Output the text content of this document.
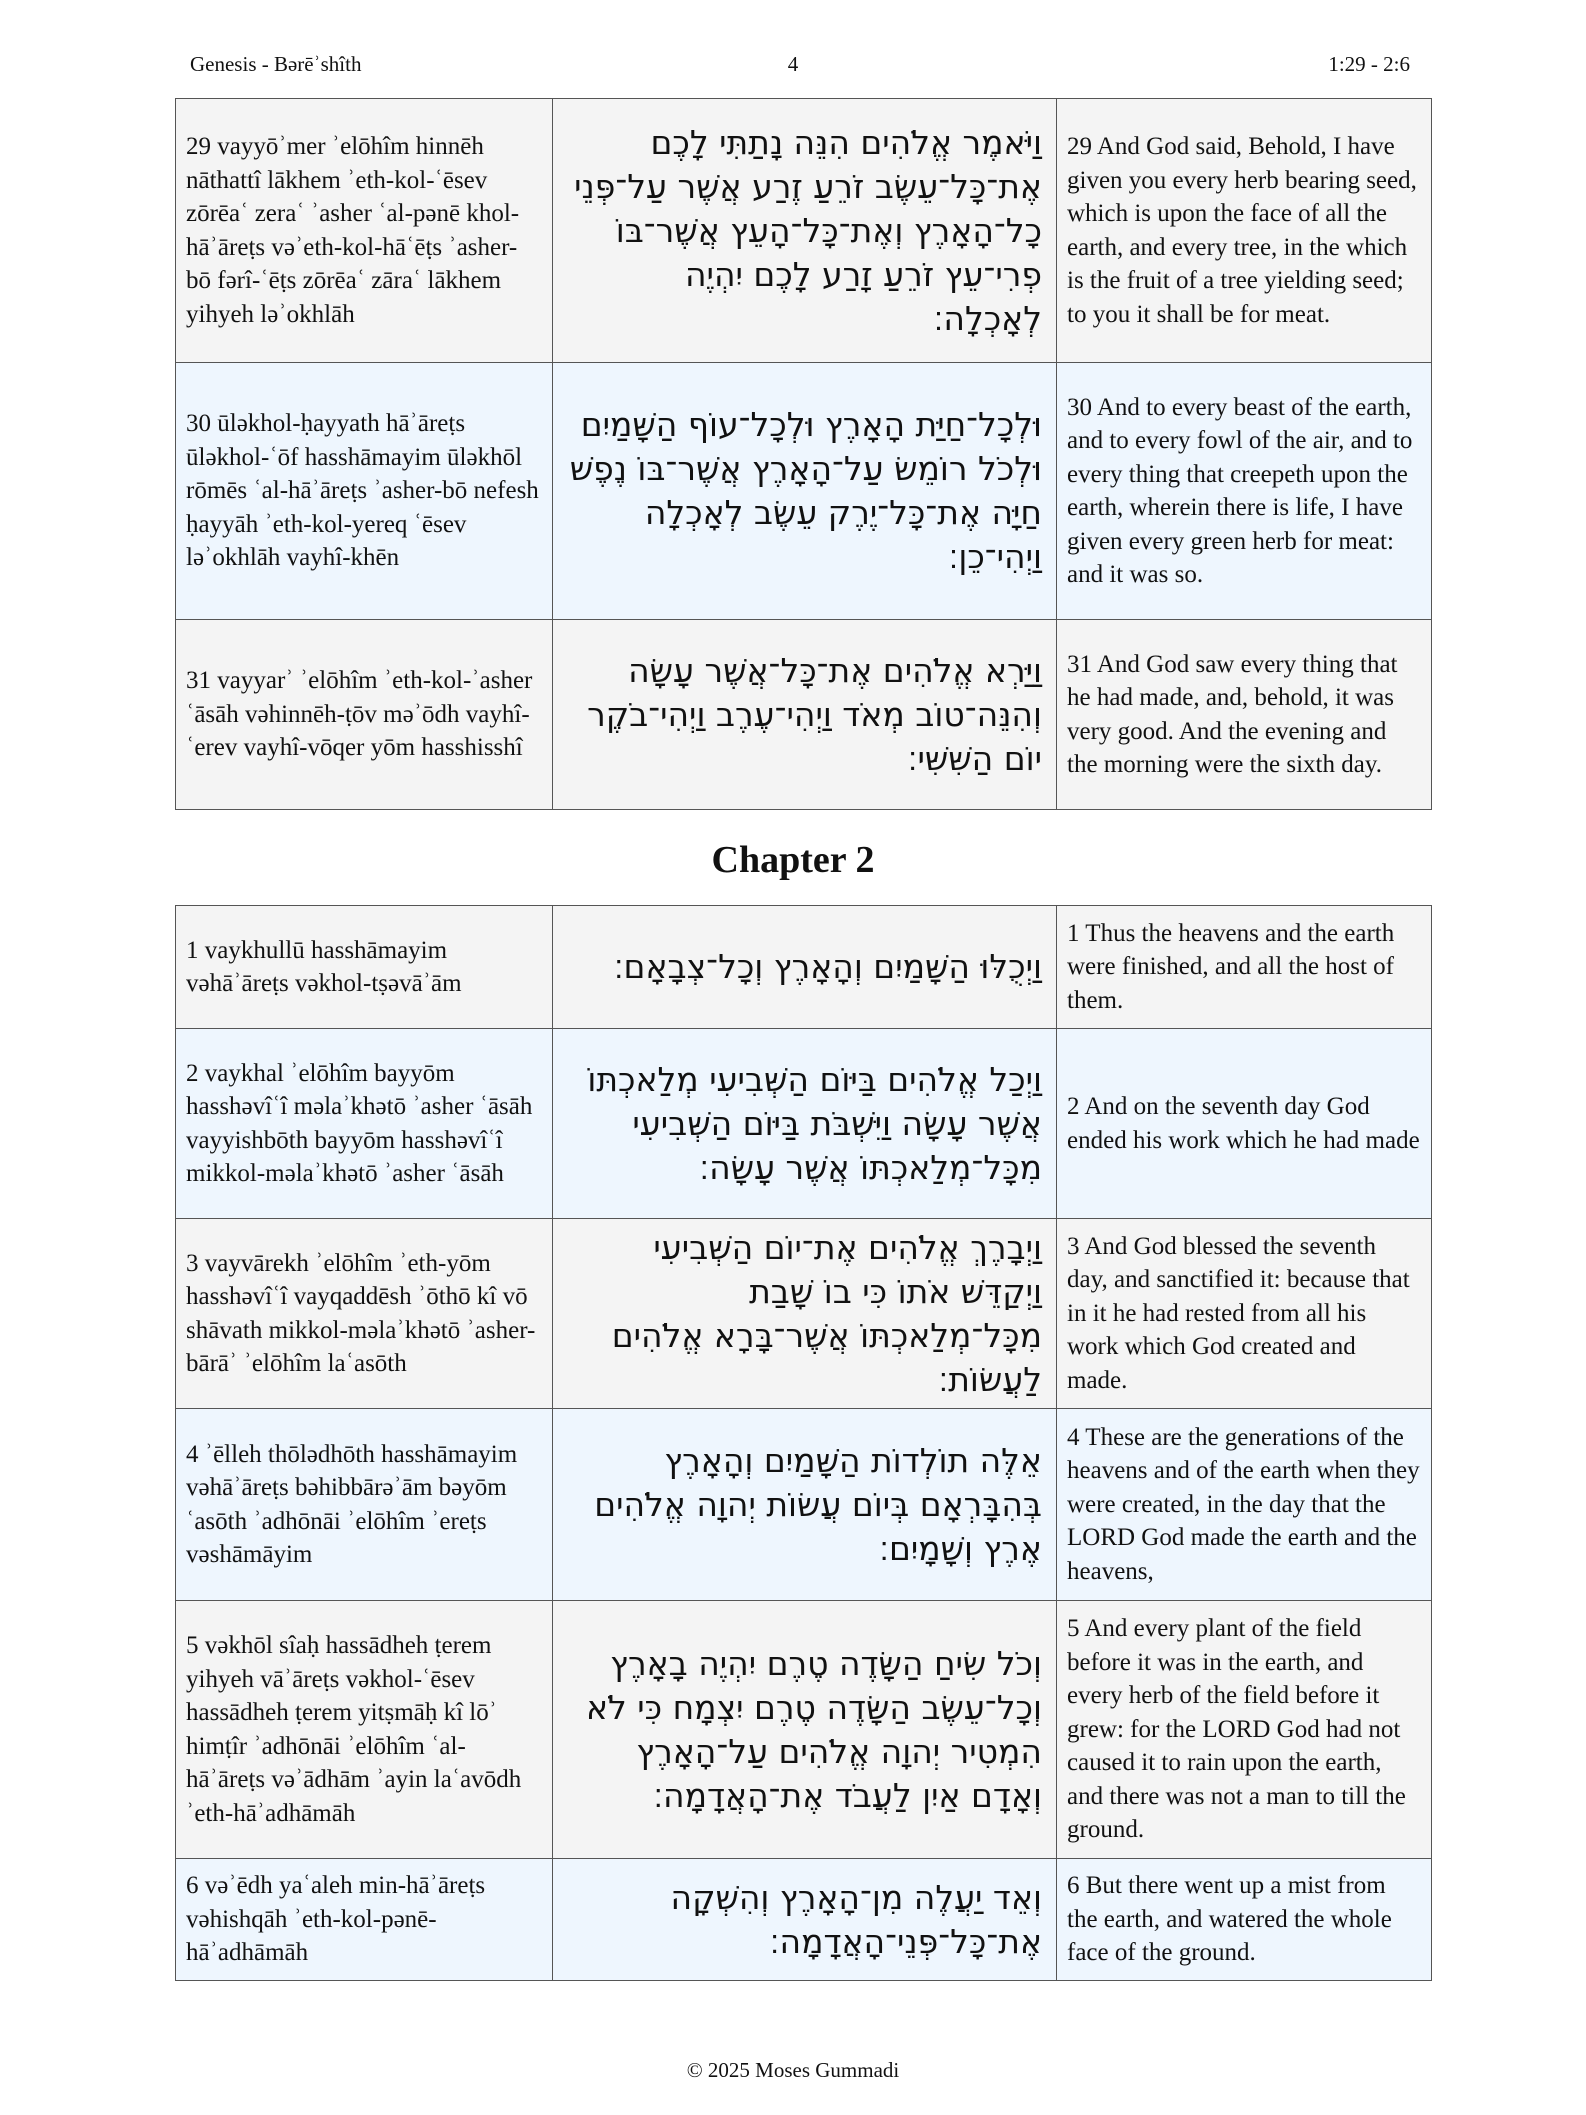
Genesis - Bərēʾshîth	4	1:29 - 2:6
29 vayyōʾmer ʾelōhîm hinnēh nāthattî lākhem ʾeth-kol-ʿēsev zōrēaʿ zeraʿ ʾasher ʿal-pənē khol-hāʾāreṭs vəʾeth-kol-hāʿēṭs ʾasher-bō fərî-ʿēṭs zōrēaʿ zāraʿ lākhem yihyeh ləʾokhlāh	וַיֹּאמֶר אֱלֹהִים הִנֵּה נָתַתִּי לָכֶם אֶת־כָּל־עֵשֶׂב זֹרֵעַ זֶרַע אֲשֶׁר עַל־פְּנֵי כָל־הָאָרֶץ וְאֶת־כָּל־הָעֵץ אֲשֶׁר־בּוֹ פְרִי־עֵץ זֹרֵעַ זָרַע לָכֶם יִהְיֶה לְאָכְלָה׃	29 And God said, Behold, I have given you every herb bearing seed, which is upon the face of all the earth, and every tree, in the which is the fruit of a tree yielding seed; to you it shall be for meat.
30 ūləkhol-ḥayyath hāʾāreṭs ūləkhol-ʿōf hasshāmayim ūləkhōl rōmēs ʿal-hāʾāreṭs ʾasher-bō nefesh ḥayyāh ʾeth-kol-yereq ʿēsev ləʾokhlāh vayhî-khēn	וּלְכָל־חַיַּת הָאָרֶץ וּלְכָל־עוֹף הַשָּׁמַיִם וּלְכֹל רוֹמֵשׂ עַל־הָאָרֶץ אֲשֶׁר־בּוֹ נֶפֶשׁ חַיָּה אֶת־כָּל־יֶרֶק עֵשֶׂב לְאָכְלָה וַיְהִי־כֵן׃	30 And to every beast of the earth, and to every fowl of the air, and to every thing that creepeth upon the earth, wherein there is life, I have given every green herb for meat: and it was so.
31 vayyarʾ ʾelōhîm ʾeth-kol-ʾasher ʿāsāh vəhinnēh-ṭōv məʾōdh vayhî-ʿerev vayhî-vōqer yōm hasshisshî	וַיַּרְא אֱלֹהִים אֶת־כָּל־אֲשֶׁר עָשָׂה וְהִנֵּה־טוֹב מְאֹד וַיְהִי־עֶרֶב וַיְהִי־בֹקֶר יוֹם הַשִּׁשִּׁי׃	31 And God saw every thing that he had made, and, behold, it was very good. And the evening and the morning were the sixth day.
Chapter 2
1 vaykhullū hasshāmayim vəhāʾāreṭs vəkhol-tṣəvāʾām	וַיְכֻלּוּ הַשָּׁמַיִם וְהָאָרֶץ וְכָל־צְבָאָם׃	1 Thus the heavens and the earth were finished, and all the host of them.
2 vaykhal ʾelōhîm bayyōm hasshəvîʿî məlaʾkhətō ʾasher ʿāsāh vayyishbōth bayyōm hasshəvîʿî mikkol-məlaʾkhətō ʾasher ʿāsāh	וַיְכַל אֱלֹהִים בַּיּוֹם הַשְּׁבִיעִי מְלַאכְתּוֹ אֲשֶׁר עָשָׂה וַיִּשְׁבֹּת בַּיּוֹם הַשְּׁבִיעִי מִכָּל־מְלַאכְתּוֹ אֲשֶׁר עָשָׂה׃	2 And on the seventh day God ended his work which he had made
3 vayvārekh ʾelōhîm ʾeth-yōm hasshəvîʿî vayqaddēsh ʾōthō kî vō shāvath mikkol-məlaʾkhətō ʾasher-bārāʾ ʾelōhîm laʿasōth	וַיְבָרֶךְ אֱלֹהִים אֶת־יוֹם הַשְּׁבִיעִי וַיְקַדֵּשׁ אֹתוֹ כִּי בוֹ שָׁבַת מִכָּל־מְלַאכְתּוֹ אֲשֶׁר־בָּרָא אֱלֹהִים לַעֲשׂוֹת׃	3 And God blessed the seventh day, and sanctified it: because that in it he had rested from all his work which God created and made.
4 ʾēlleh thōlədhōth hasshāmayim vəhāʾāreṭs bəhibbārəʾām bəyōm ʿasōth ʾadhōnāi ʾelōhîm ʾereṭs vəshāmāyim	אֵלֶּה תוֹלְדוֹת הַשָּׁמַיִם וְהָאָרֶץ בְּהִבָּרְאָם בְּיוֹם עֲשׂוֹת יְהוָה אֱלֹהִים אֶרֶץ וְשָׁמָיִם׃	4 These are the generations of the heavens and of the earth when they were created, in the day that the LORD God made the earth and the heavens,
5 vəkhōl sîaḥ hassādheh ṭerem yihyeh vāʾāreṭs vəkhol-ʿēsev hassādheh ṭerem yitṣmāḥ kî lōʾ himṭîr ʾadhōnāi ʾelōhîm ʿal-hāʾāreṭs vəʾādhām ʾayin laʿavōdh ʾeth-hāʾadhāmāh	וְכֹל שִׂיחַ הַשָּׂדֶה טֶרֶם יִהְיֶה בָאָרֶץ וְכָל־עֵשֶׂב הַשָּׂדֶה טֶרֶם יִצְמָח כִּי לֹא הִמְטִיר יְהוָה אֱלֹהִים עַל־הָאָרֶץ וְאָדָם אַיִן לַעֲבֹד אֶת־הָאֲדָמָה׃	5 And every plant of the field before it was in the earth, and every herb of the field before it grew: for the LORD God had not caused it to rain upon the earth, and there was not a man to till the ground.
6 vəʾēdh yaʿaleh min-hāʾāreṭs vəhishqāh ʾeth-kol-pənē-hāʾadhāmāh	וְאֵד יַעֲלֶה מִן־הָאָרֶץ וְהִשְׁקָה אֶת־כָּל־פְּנֵי־הָאֲדָמָה׃	6 But there went up a mist from the earth, and watered the whole face of the ground.
© 2025 Moses Gummadi
